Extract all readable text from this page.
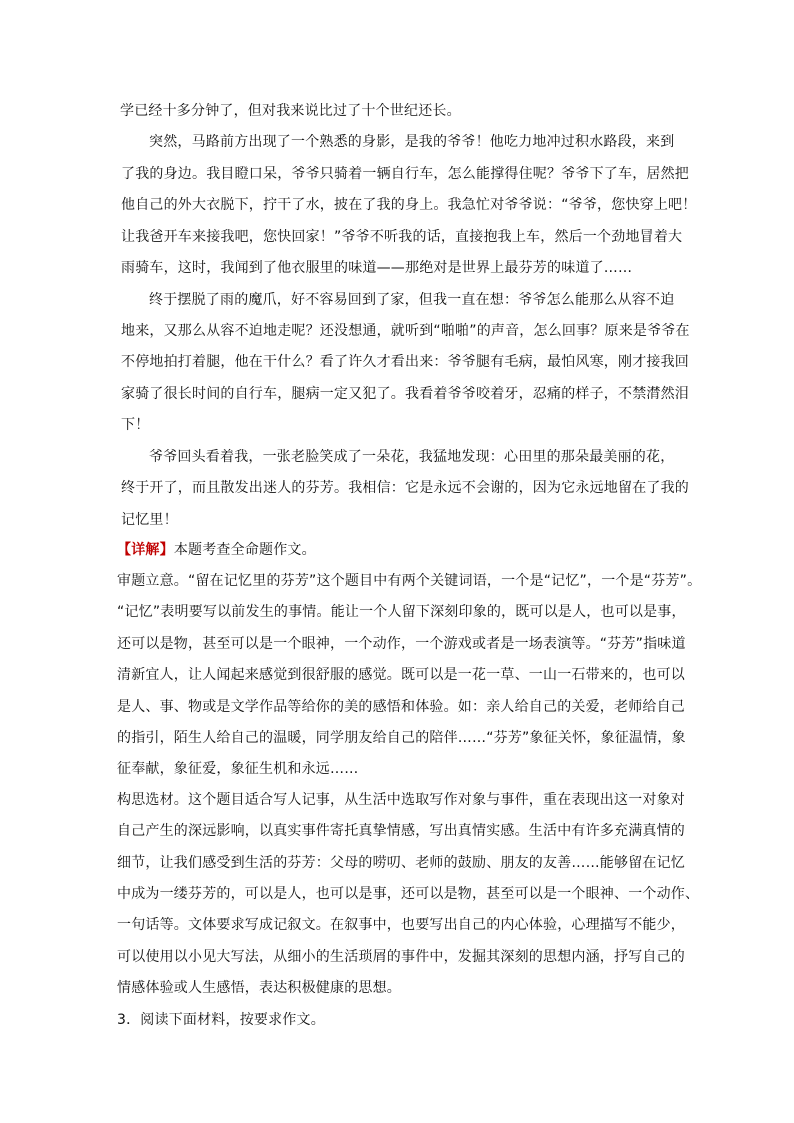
学已经十多分钟了，但对我来说比过了十个世纪还长。
突然，马路前方出现了一个熟悉的身影，是我的爷爷！他吃力地冲过积水路段，来到
了我的身边。我目瞪口呆，爷爷只骑着一辆自行车，怎么能撑得住呢？爷爷下了车，居然把
他自己的外大衣脱下，拧干了水，披在了我的身上。我急忙对爷爷说：“爷爷，您快穿上吧！
让我爸开车来接我吧，您快回家！”爷爷不听我的话，直接抱我上车，然后一个劲地冒着大
雨骑车，这时，我闻到了他衣服里的味道——那绝对是世界上最芬芳的味道了……
终于摆脱了雨的魔爪，好不容易回到了家，但我一直在想：爷爷怎么能那么从容不迫
地来，又那么从容不迫地走呢？还没想通，就听到“啪啪”的声音，怎么回事？原来是爷爷在
不停地拍打着腿，他在干什么？看了许久才看出来：爷爷腿有毛病，最怕风寒，刚才接我回
家骑了很长时间的自行车，腿病一定又犯了。我看着爷爷咬着牙，忍痛的样子，不禁潸然泪
下！
爷爷回头看着我，一张老脸笑成了一朵花，我猛地发现：心田里的那朵最美丽的花，
终于开了，而且散发出迷人的芬芳。我相信：它是永远不会谢的，因为它永远地留在了我的
记忆里！
【详解】本题考查全命题作文。
审题立意。“留在记忆里的芬芳”这个题目中有两个关键词语，一个是“记忆”，一个是“芬芳”。
“记忆”表明要写以前发生的事情。能让一个人留下深刻印象的，既可以是人，也可以是事，
还可以是物，甚至可以是一个眼神，一个动作，一个游戏或者是一场表演等。“芬芳”指味道
清新宜人，让人闻起来感觉到很舒服的感觉。既可以是一花一草、一山一石带来的，也可以
是人、事、物或是文学作品等给你的美的感悟和体验。如：亲人给自己的关爱，老师给自己
的指引，陌生人给自己的温暖，同学朋友给自己的陪伴……“芬芳”象征关怀，象征温情，象
征奉献，象征爱，象征生机和永远……
构思选材。这个题目适合写人记事，从生活中选取写作对象与事件，重在表现出这一对象对
自己产生的深远影响，以真实事件寄托真挚情感，写出真情实感。生活中有许多充满真情的
细节，让我们感受到生活的芬芳：父母的唠叨、老师的鼓励、朋友的友善……能够留在记忆
中成为一缕芬芳的，可以是人，也可以是事，还可以是物，甚至可以是一个眼神、一个动作、
一句话等。文体要求写成记叙文。在叙事中，也要写出自己的内心体验，心理描写不能少，
可以使用以小见大写法，从细小的生活琐屑的事件中，发掘其深刻的思想内涵，抒写自己的
情感体验或人生感悟，表达积极健康的思想。
3．阅读下面材料，按要求作文。
